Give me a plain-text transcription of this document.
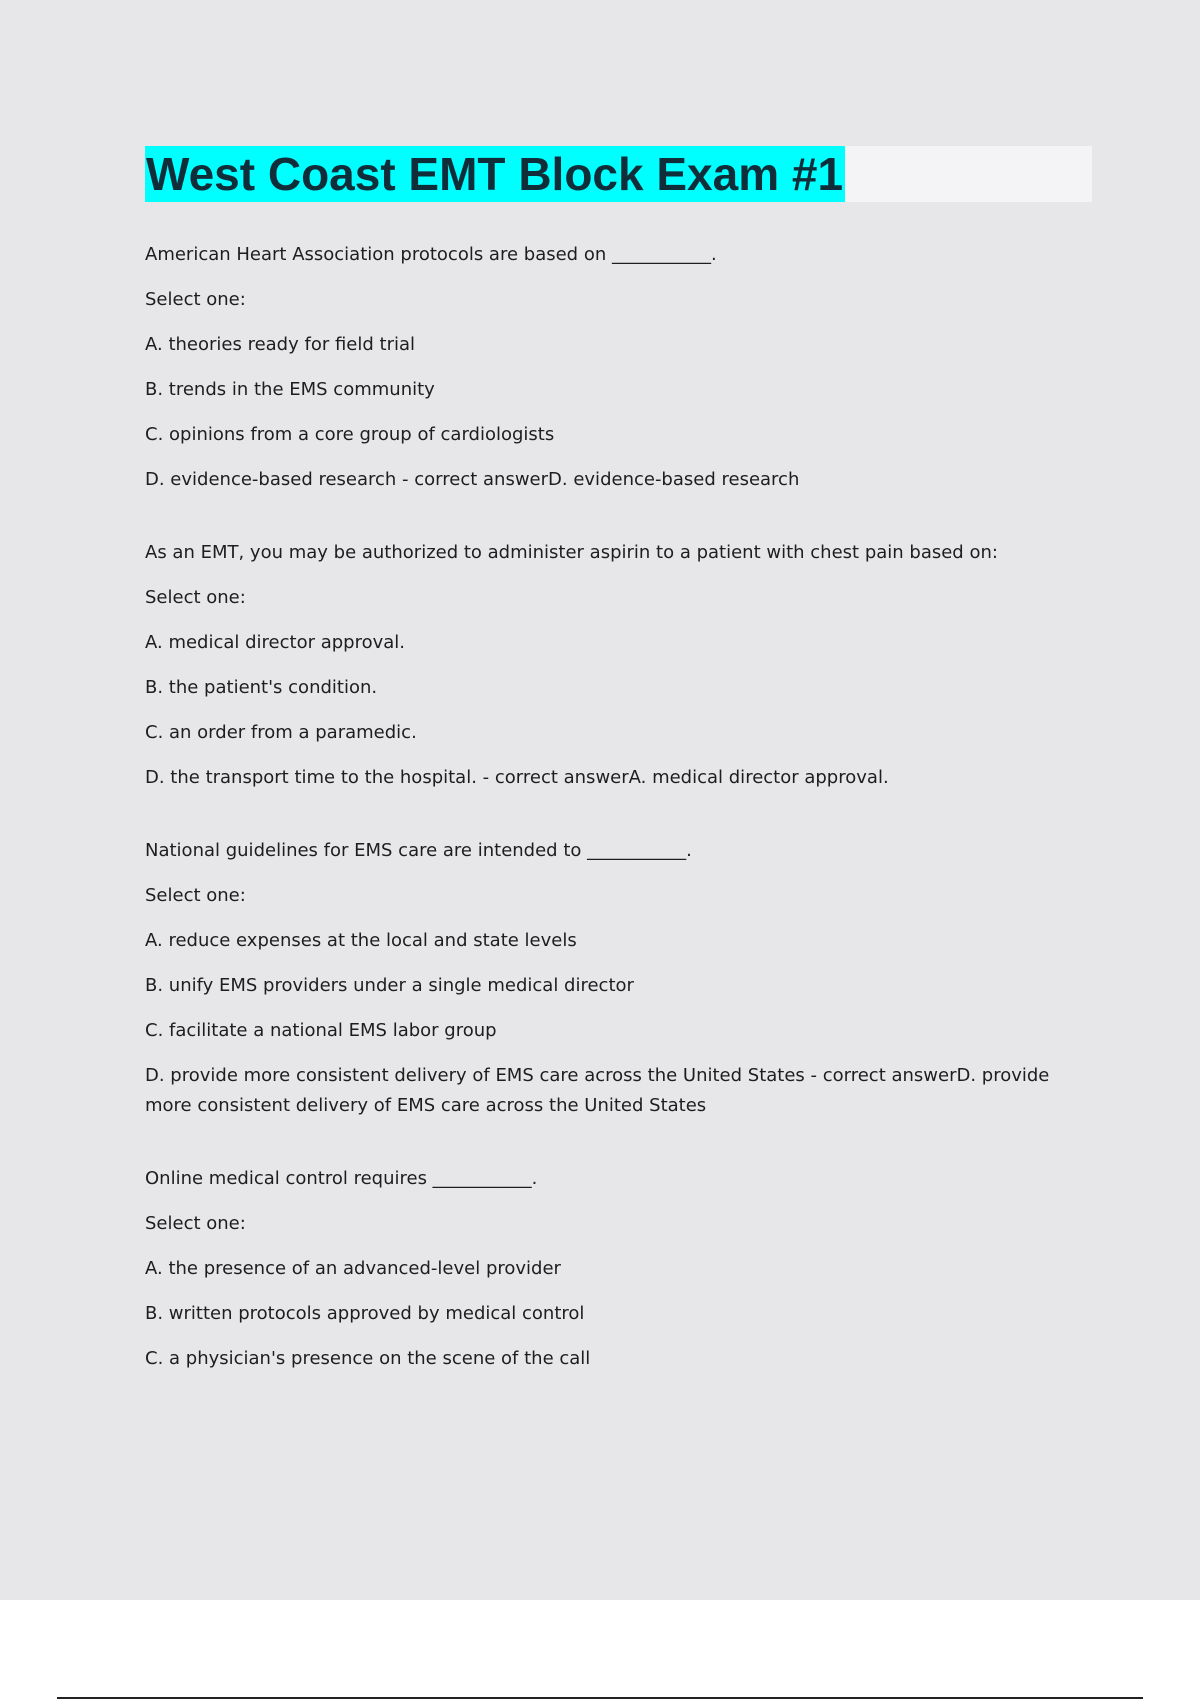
West Coast EMT Block Exam #1
American Heart Association protocols are based on ___________.
Select one:
A. theories ready for field trial
B. trends in the EMS community
C. opinions from a core group of cardiologists
D. evidence-based research - correct answerD. evidence-based research
As an EMT, you may be authorized to administer aspirin to a patient with chest pain based on:
Select one:
A. medical director approval.
B. the patient's condition.
C. an order from a paramedic.
D. the transport time to the hospital. - correct answerA. medical director approval.
National guidelines for EMS care are intended to ___________.
Select one:
A. reduce expenses at the local and state levels
B. unify EMS providers under a single medical director
C. facilitate a national EMS labor group
D. provide more consistent delivery of EMS care across the United States - correct answerD. provide more consistent delivery of EMS care across the United States
Online medical control requires ___________.
Select one:
A. the presence of an advanced-level provider
B. written protocols approved by medical control
C. a physician's presence on the scene of the call
